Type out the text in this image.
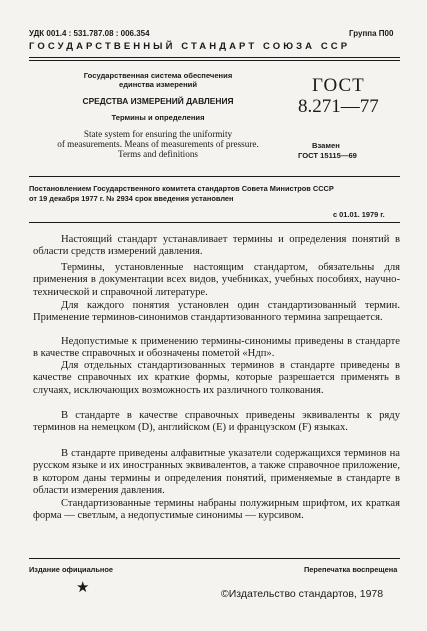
УДК 001.4 : 531.787.08 : 006.354	Группа П00
ГОСУДАРСТВЕННЫЙ СТАНДАРТ СОЮЗА ССР
Государственная система обеспечения
единства измерений
СРЕДСТВА ИЗМЕРЕНИЙ ДАВЛЕНИЯ
Термины и определения
State system for ensuring the uniformity
of measurements. Means of measurements of pressure.
Terms and definitions
ГОСТ
8.271—77
Взамен
ГОСТ 15115—69
Постановлением Государственного комитета стандартов Совета Министров СССР
от 19 декабря 1977 г. № 2934 срок введения установлен
с 01.01. 1979 г.
Настоящий стандарт устанавливает термины и определения понятий в области средств измерений давления.
Термины, установленные настоящим стандартом, обязательны для применения в документации всех видов, учебниках, учебных пособиях, научно-технической и справочной литературе.
Для каждого понятия установлен один стандартизованный термин. Применение терминов-синонимов стандартизованного термина запрещается.
Недопустимые к применению термины-синонимы приведены в стандарте в качестве справочных и обозначены пометой «Ндп».
Для отдельных стандартизованных терминов в стандарте приведены в качестве справочных их краткие формы, которые разрешается применять в случаях, исключающих возможность их различного толкования.
В стандарте в качестве справочных приведены эквиваленты к ряду терминов на немецком (D), английском (E) и французском (F) языках.
В стандарте приведены алфавитные указатели содержащихся терминов на русском языке и их иностранных эквивалентов, а также справочное приложение, в котором даны термины и определения понятий, применяемые в стандарте в области измерения давления.
Стандартизованные термины набраны полужирным шрифтом, их краткая форма — светлым, а недопустимые синонимы — курсивом.
Издание официальное	Перепечатка воспрещена
★	©Издательство стандартов, 1978
